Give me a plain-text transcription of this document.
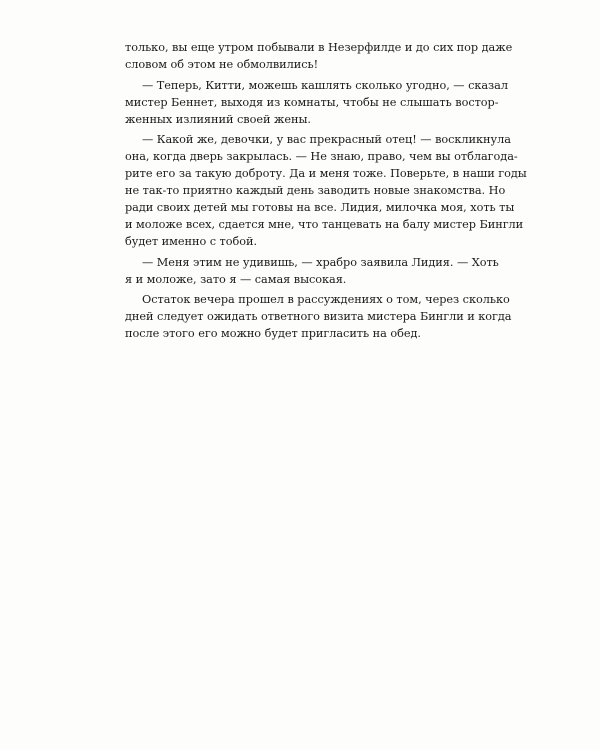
только, вы еще утром побывали в Незерфилде и до сих пор даже
словом об этом не обмолвились!
— Теперь, Китти, можешь кашлять сколько угодно, — сказал
мистер Беннет, выходя из комнаты, чтобы не слышать востор-
женных излияний своей жены.
— Какой же, девочки, у вас прекрасный отец! — воскликнула
она, когда дверь закрылась. — Не знаю, право, чем вы отблагода-
рите его за такую доброту. Да и меня тоже. Поверьте, в наши годы
не так-то приятно каждый день заводить новые знакомства. Но
ради своих детей мы готовы на все. Лидия, милочка моя, хоть ты
и моложе всех, сдается мне, что танцевать на балу мистер Бингли
будет именно с тобой.
— Меня этим не удивишь, — храбро заявила Лидия. — Хоть
я и моложе, зато я — самая высокая.
Остаток вечера прошел в рассуждениях о том, через сколько
дней следует ожидать ответного визита мистера Бингли и когда
после этого его можно будет пригласить на обед.
